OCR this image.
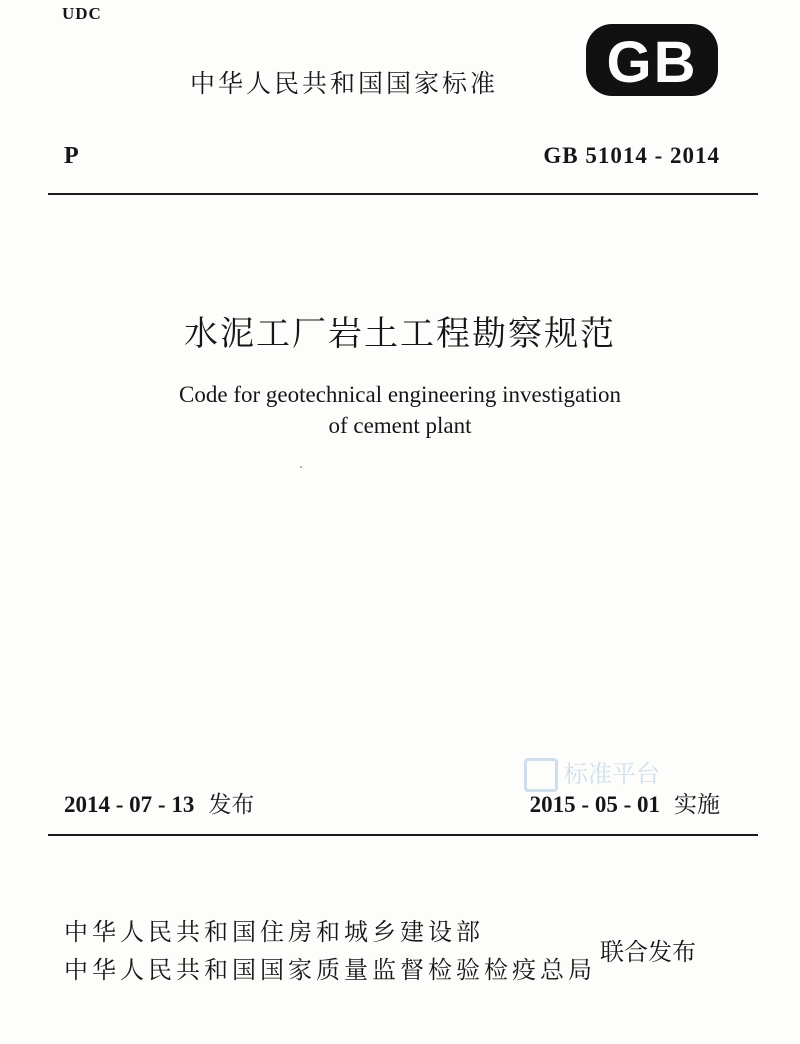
UDC
中华人民共和国国家标准 GB
P	GB 51014 - 2014
水泥工厂岩土工程勘察规范
Code for geotechnical engineering investigation
of cement plant
2014 - 07 - 13 发布
标准平台
2015 - 05 - 01 实施
中华人民共和国住房和城乡建设部
中华人民共和国国家质量监督检验检疫总局
联合发布
